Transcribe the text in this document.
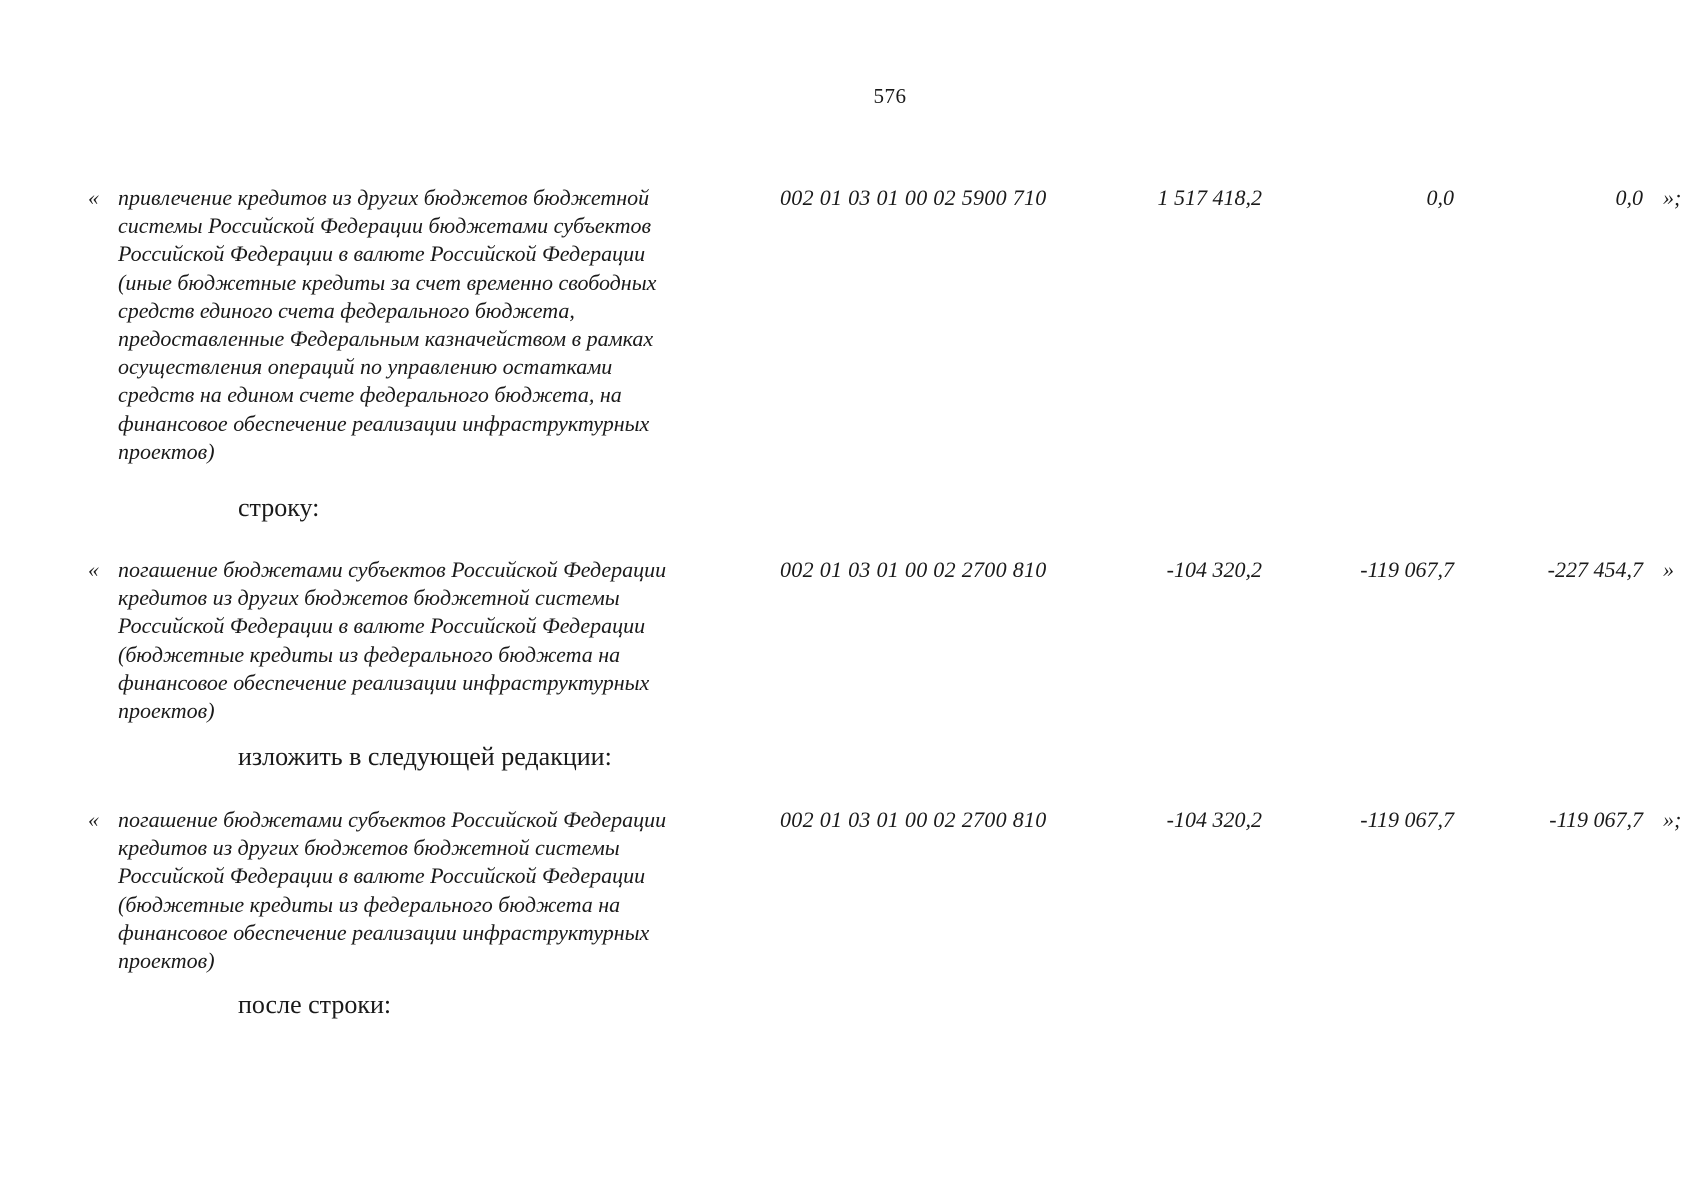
576
« привлечение кредитов из других бюджетов бюджетной
системы Российской Федерации бюджетами субъектов
Российской Федерации в валюте Российской Федерации
(иные бюджетные кредиты за счет временно свободных
средств единого счета федерального бюджета,
предоставленные Федеральным казначейством в рамках
осуществления операций по управлению остатками
средств на едином счете федерального бюджета, на
финансовое обеспечение реализации инфраструктурных
проектов)
002 01 03 01 00 02 5900 710	1 517 418,2	0,0	0,0 »;
строку:
« погашение бюджетами субъектов Российской Федерации
кредитов из других бюджетов бюджетной системы
Российской Федерации в валюте Российской Федерации
(бюджетные кредиты из федерального бюджета на
финансовое обеспечение реализации инфраструктурных
проектов)
002 01 03 01 00 02 2700 810	-104 320,2	-119 067,7	-227 454,7 »
изложить в следующей редакции:
« погашение бюджетами субъектов Российской Федерации
кредитов из других бюджетов бюджетной системы
Российской Федерации в валюте Российской Федерации
(бюджетные кредиты из федерального бюджета на
финансовое обеспечение реализации инфраструктурных
проектов)
002 01 03 01 00 02 2700 810	-104 320,2	-119 067,7	-119 067,7 »;
после строки:
